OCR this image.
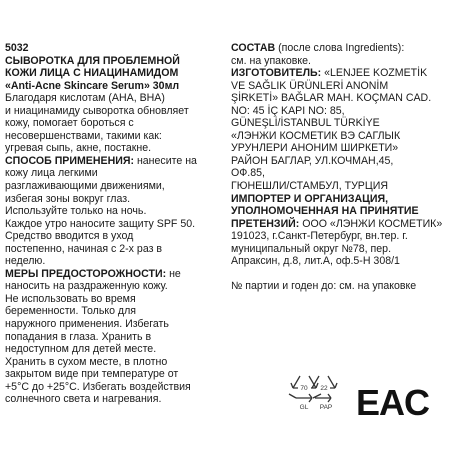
5032

СЫВОРОТКА ДЛЯ ПРОБЛЕМНОЙ
КОЖИ ЛИЦА С НИАЦИНАМИДОМ
«Anti-Acne Skincare Serum» 30мл

Благодаря кислотам (AHA, BHA)
и ниацинамиду сыворотка обновляет
кожу, помогает бороться с
несовершенствами, такими как:
угревая сыпь, акне, постакне.

СПОСОБ ПРИМЕНЕНИЯ: нанесите на
кожу лица легкими
разглаживающими движениями,
избегая зоны вокруг глаз.
Используйте только на ночь.
Каждое утро наносите защиту SPF 50.
Средство вводится в уход
постепенно, начиная с 2-х раз в
неделю.

МЕРЫ ПРЕДОСТОРОЖНОСТИ: не
наносить на раздраженную кожу.
Не использовать во время
беременности. Только для
наружного применения. Избегать
попадания в глаза. Хранить в
недоступном для детей месте.
Хранить в сухом месте, в плотно
закрытом виде при температуре от
+5°C до +25°C. Избегать воздействия
солнечного света и нагревания.

СОСТАВ (после слова Ingredients):
см. на упаковке.

ИЗГОТОВИТЕЛЬ: «LENJEE KOZMETİK
VE SAĞLIK ÜRÜNLERİ ANONİM
ŞİRKETİ» BAĞLAR MAH. KOÇMAN CAD.
NO: 45 İÇ KAPI NO: 85,
GÜNEŞLİ/İSTANBUL TÜRKİYE
«ЛЭНЖИ КОСМЕТИК ВЭ САГЛЫК
УРУНЛЕРИ АНОНИМ ШИРКЕТИ»
РАЙОН БАГЛАР, УЛ.КОЧМАН,45,
ОФ.85,
ГЮНЕШЛИ/СТАМБУЛ, ТУРЦИЯ

ИМПОРТЕР И ОРГАНИЗАЦИЯ,
УПОЛНОМОЧЕННАЯ НА ПРИНЯТИЕ
ПРЕТЕНЗИЙ: ООО «ЛЭНЖИ КОСМЕТИК»
191023, г.Санкт-Петербург, вн.тер. г.
муниципальный округ №78, пер.
Апраксин, д.8, лит.А, оф.5-Н 308/1

№ партии и годен до: см. на упаковке

70
GL
22
PAP EAC
